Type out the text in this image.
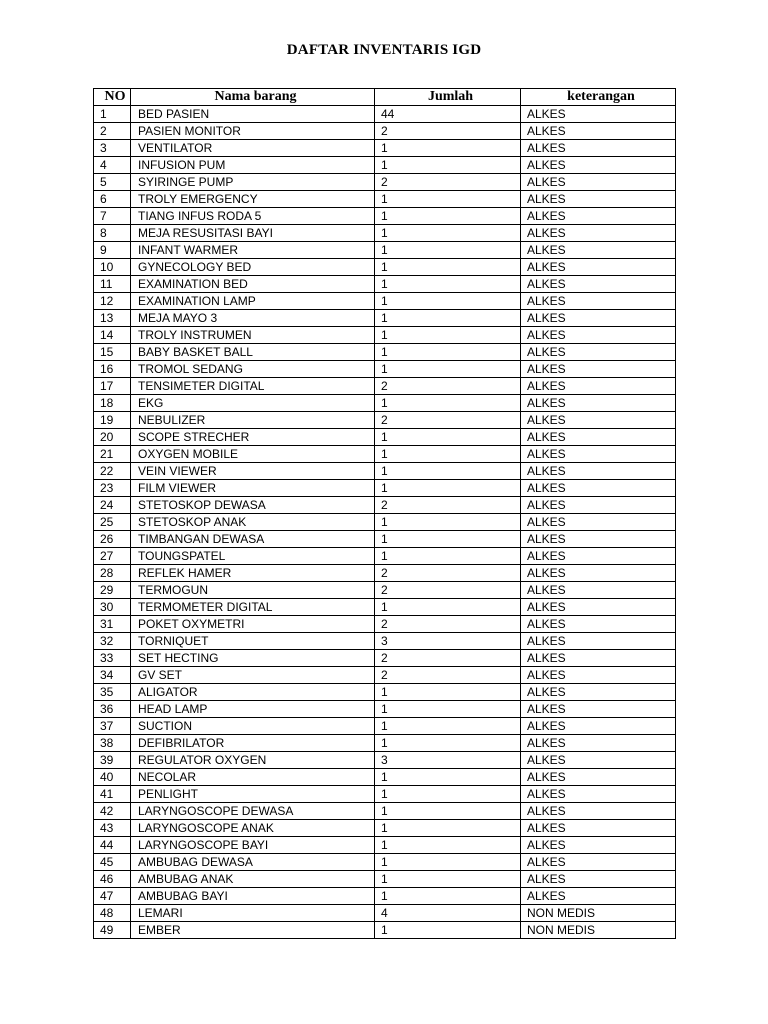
DAFTAR INVENTARIS IGD
NO	Nama barang	Jumlah	keterangan
1	BED PASIEN	44	ALKES
2	PASIEN MONITOR	2	ALKES
3	VENTILATOR	1	ALKES
4	INFUSION PUM	1	ALKES
5	SYIRINGE PUMP	2	ALKES
6	TROLY EMERGENCY	1	ALKES
7	TIANG INFUS RODA 5	1	ALKES
8	MEJA RESUSITASI BAYI	1	ALKES
9	INFANT WARMER	1	ALKES
10	GYNECOLOGY BED	1	ALKES
11	EXAMINATION BED	1	ALKES
12	EXAMINATION LAMP	1	ALKES
13	MEJA MAYO 3	1	ALKES
14	TROLY INSTRUMEN	1	ALKES
15	BABY BASKET BALL	1	ALKES
16	TROMOL SEDANG	1	ALKES
17	TENSIMETER DIGITAL	2	ALKES
18	EKG	1	ALKES
19	NEBULIZER	2	ALKES
20	SCOPE STRECHER	1	ALKES
21	OXYGEN MOBILE	1	ALKES
22	VEIN VIEWER	1	ALKES
23	FILM VIEWER	1	ALKES
24	STETOSKOP DEWASA	2	ALKES
25	STETOSKOP ANAK	1	ALKES
26	TIMBANGAN DEWASA	1	ALKES
27	TOUNGSPATEL	1	ALKES
28	REFLEK HAMER	2	ALKES
29	TERMOGUN	2	ALKES
30	TERMOMETER DIGITAL	1	ALKES
31	POKET OXYMETRI	2	ALKES
32	TORNIQUET	3	ALKES
33	SET HECTING	2	ALKES
34	GV SET	2	ALKES
35	ALIGATOR	1	ALKES
36	HEAD LAMP	1	ALKES
37	SUCTION	1	ALKES
38	DEFIBRILATOR	1	ALKES
39	REGULATOR OXYGEN	3	ALKES
40	NECOLAR	1	ALKES
41	PENLIGHT	1	ALKES
42	LARYNGOSCOPE DEWASA	1	ALKES
43	LARYNGOSCOPE ANAK	1	ALKES
44	LARYNGOSCOPE BAYI	1	ALKES
45	AMBUBAG DEWASA	1	ALKES
46	AMBUBAG ANAK	1	ALKES
47	AMBUBAG BAYI	1	ALKES
48	LEMARI	4	NON MEDIS
49	EMBER	1	NON MEDIS
